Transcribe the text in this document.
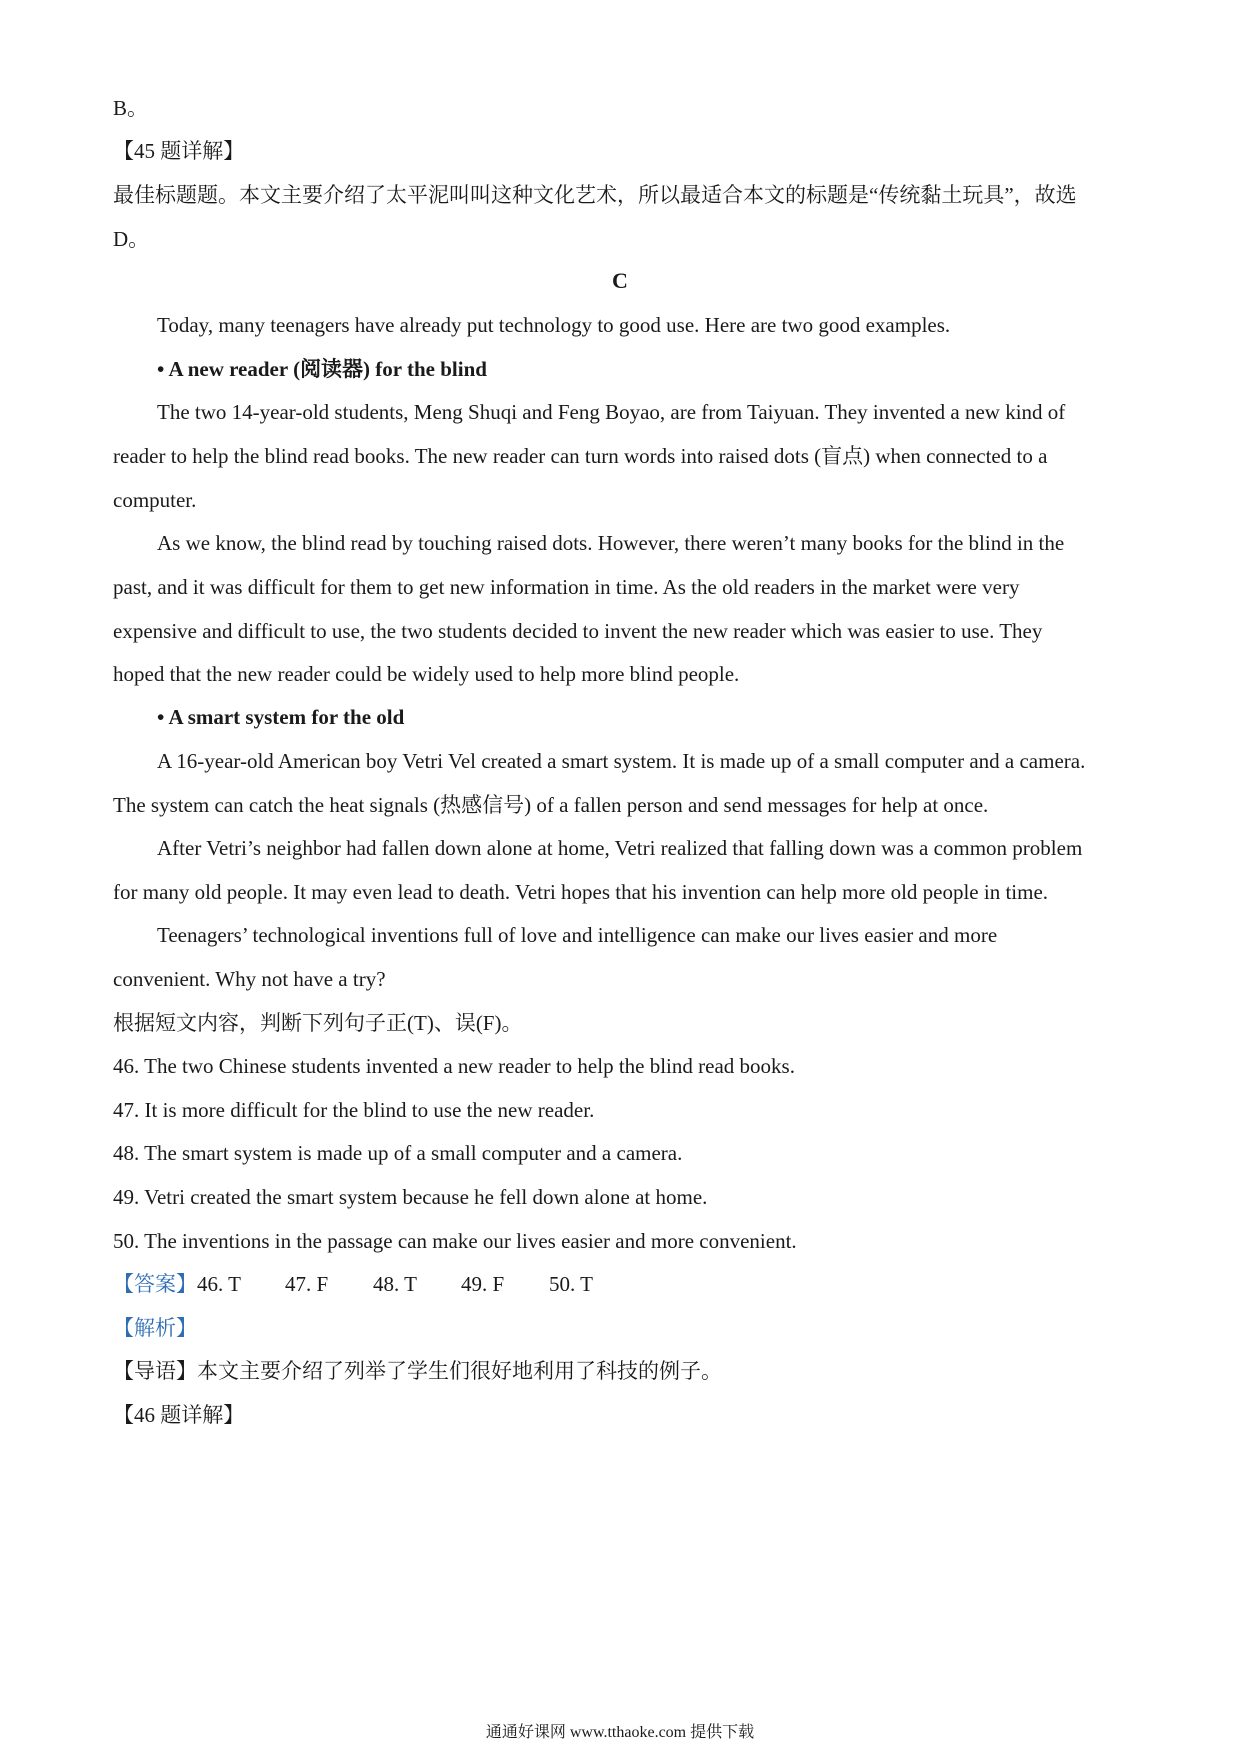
B。
【45 题详解】
最佳标题题。本文主要介绍了太平泥叫叫这种文化艺术，所以最适合本文的标题是“传统黏土玩具”，故选
D。
C
Today, many teenagers have already put technology to good use. Here are two good examples.
• A new reader (阅读器) for the blind
The two 14-year-old students, Meng Shuqi and Feng Boyao, are from Taiyuan. They invented a new kind of
reader to help the blind read books. The new reader can turn words into raised dots (盲点) when connected to a
computer.
As we know, the blind read by touching raised dots. However, there weren’t many books for the blind in the
past, and it was difficult for them to get new information in time. As the old readers in the market were very
expensive and difficult to use, the two students decided to invent the new reader which was easier to use. They
hoped that the new reader could be widely used to help more blind people.
• A smart system for the old
A 16-year-old American boy Vetri Vel created a smart system. It is made up of a small computer and a camera.
The system can catch the heat signals (热感信号) of a fallen person and send messages for help at once.
After Vetri’s neighbor had fallen down alone at home, Vetri realized that falling down was a common problem
for many old people. It may even lead to death. Vetri hopes that his invention can help more old people in time.
Teenagers’ technological inventions full of love and intelligence can make our lives easier and more
convenient. Why not have a try?
根据短文内容，判断下列句子正(T)、误(F)。
46. The two Chinese students invented a new reader to help the blind read books.
47. It is more difficult for the blind to use the new reader.
48. The smart system is made up of a small computer and a camera.
49. Vetri created the smart system because he fell down alone at home.
50. The inventions in the passage can make our lives easier and more convenient.
【答案】46. T 47. F 48. T 49. F 50. T
【解析】
【导语】本文主要介绍了列举了学生们很好地利用了科技的例子。
【46 题详解】
通通好课网 www.tthaoke.com 提供下载
